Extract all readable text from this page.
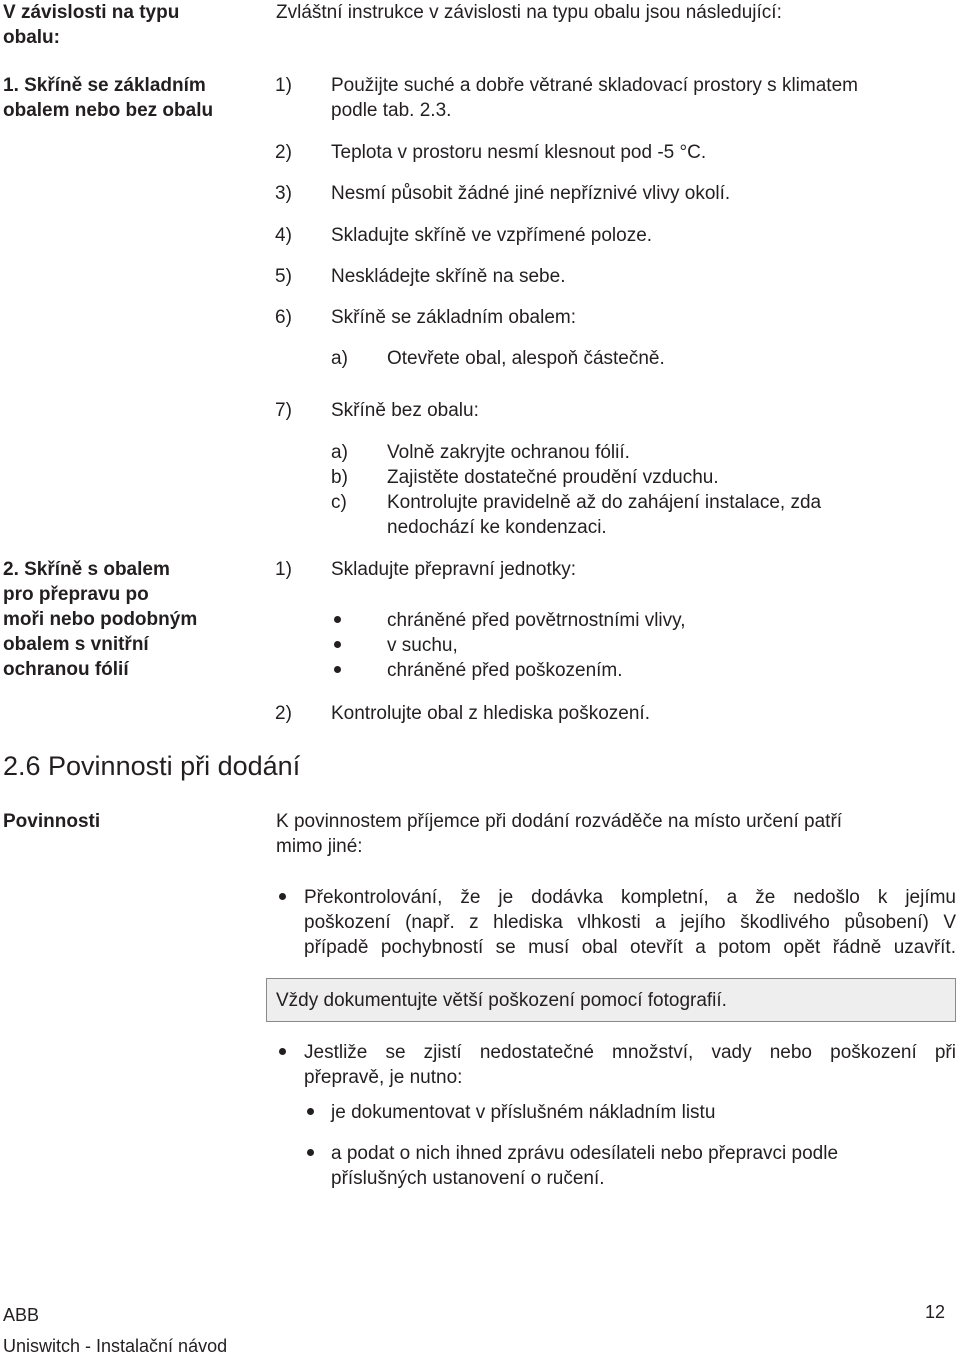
V závislosti na typu
obalu:
Zvláštní instrukce v závislosti na typu obalu jsou následující:
1. Skříně se základním
obalem nebo bez obalu
1) Použijte suché a dobře větrané skladovací prostory s klimatem
podle tab. 2.3.
2) Teplota v prostoru nesmí klesnout pod -5 °C.
3) Nesmí působit žádné jiné nepříznivé vlivy okolí.
4) Skladujte skříně ve vzpřímené poloze.
5) Neskládejte skříně na sebe.
6) Skříně se základním obalem:
a) Otevřete obal, alespoň částečně.
7) Skříně bez obalu:
a) Volně zakryjte ochranou fólií.
b) Zajistěte dostatečné proudění vzduchu.
c) Kontrolujte pravidelně až do zahájení instalace, zda
nedochází ke kondenzaci.
2. Skříně s obalem
pro přepravu po
moři nebo podobným
obalem s vnitřní
ochranou fólií
1) Skladujte přepravní jednotky:
chráněné před povětrnostními vlivy,
v suchu,
chráněné před poškozením.
2) Kontrolujte obal z hlediska poškození.
2.6 Povinnosti při dodání
Povinnosti	K povinnostem příjemce při dodání rozváděče na místo určení patří
mimo jiné:
Překontrolování, že je dodávka kompletní, a že nedošlo k jejímu
poškození (např. z hlediska vlhkosti a jejího škodlivého působení) V
případě pochybností se musí obal otevřít a potom opět řádně uzavřít.
Vždy dokumentujte větší poškození pomocí fotografií.
Jestliže se zjistí nedostatečné množství, vady nebo poškození při
přepravě, je nutno:
je dokumentovat v příslušném nákladním listu
a podat o nich ihned zprávu odesílateli nebo přepravci podle
příslušných ustanovení o ručení.
ABB
Uniswitch - Instalační návod
12
